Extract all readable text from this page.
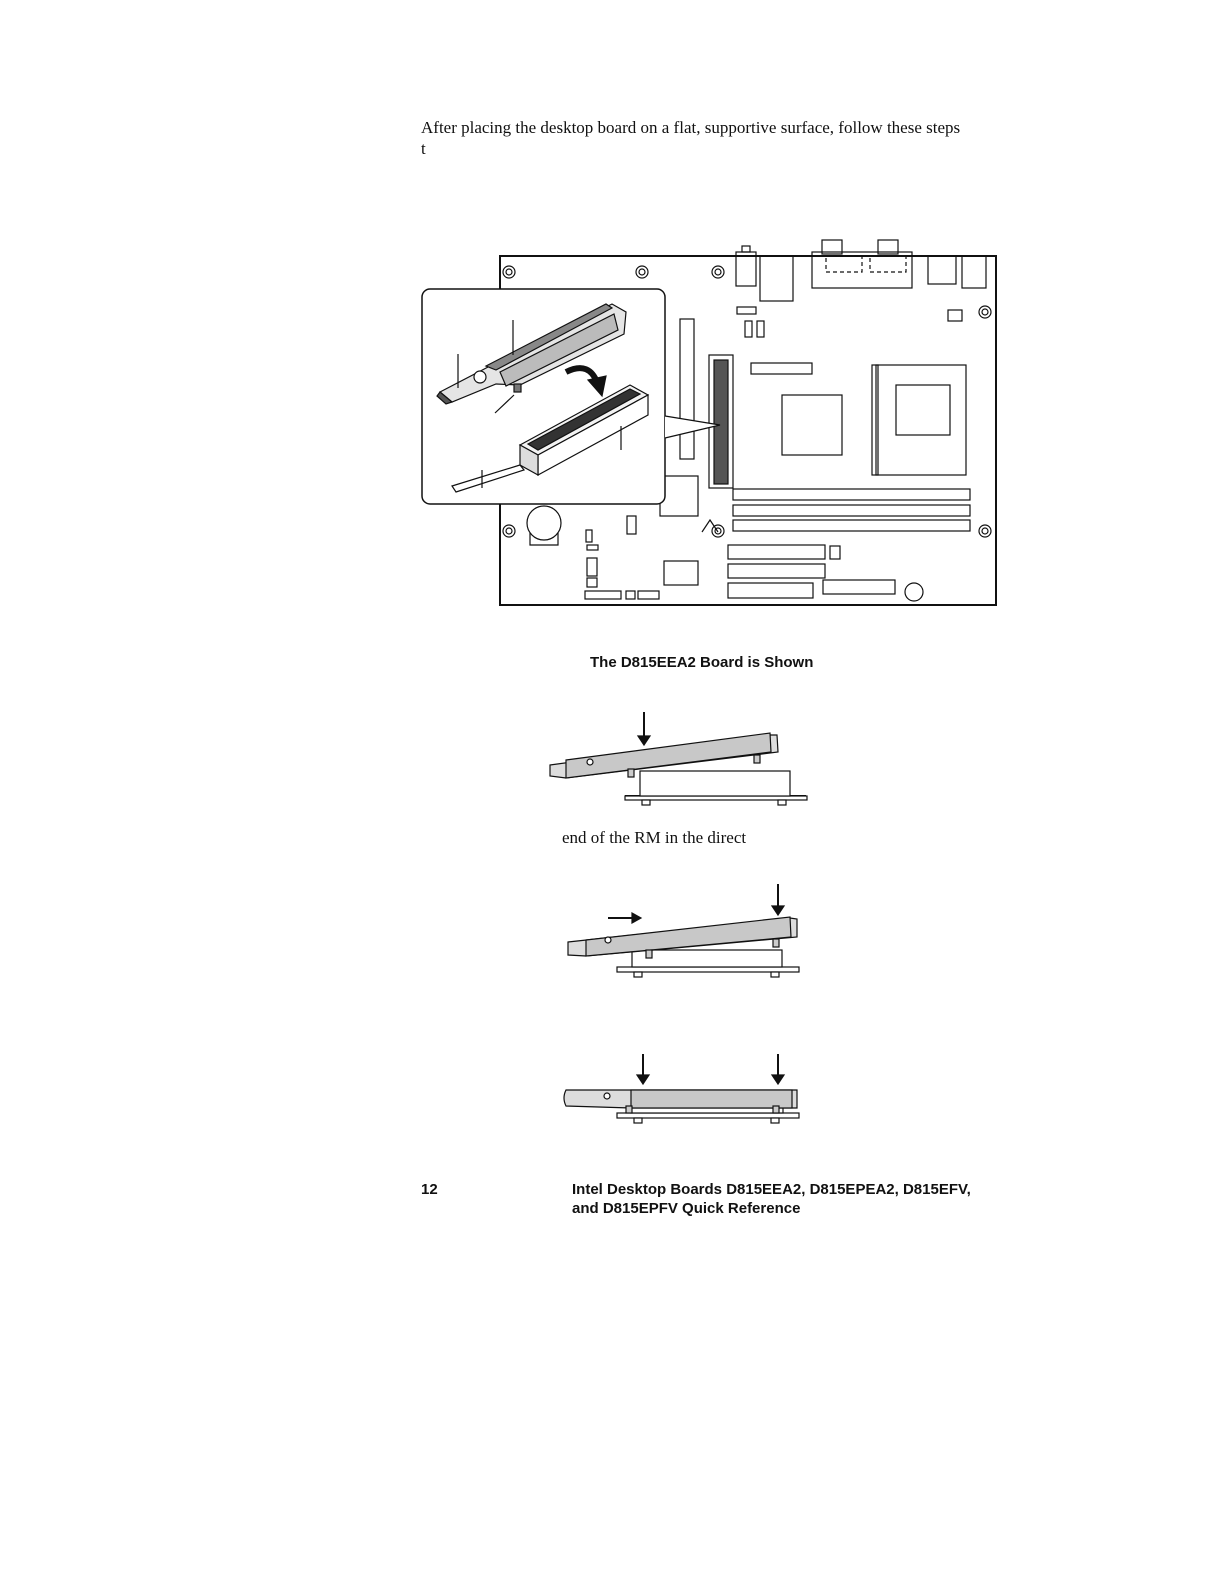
After placing the desktop board on a flat, supportive surface, follow these steps
t
The D815EEA2 Board is Shown
end of the RM in the direct
12	Intel Desktop Boards D815EEA2, D815EPEA2, D815EFV,
and D815EPFV Quick Reference
